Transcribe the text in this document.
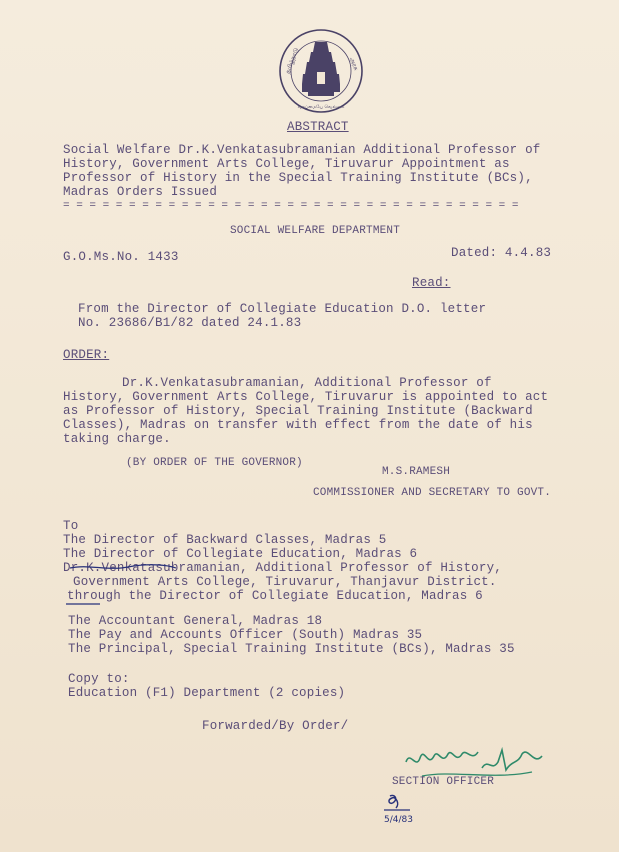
தமிழ்நாடு	அரசு
வாய்மையே வெல்லும்
ABSTRACT
Social Welfare Dr.K.Venkatasubramanian Additional Professor of
History, Government Arts College, Tiruvarur Appointment as
Professor of History in the Special Training Institute (BCs),
Madras Orders Issued
= = = = = = = = = = = = = = = = = = = = = = = = = = = = = = = = = = =
SOCIAL WELFARE DEPARTMENT
G.O.Ms.No. 1433	Dated: 4.4.83
Read:
From the Director of Collegiate Education D.O. letter
No. 23686/B1/82 dated 24.1.83
ORDER:
Dr.K.Venkatasubramanian, Additional Professor of
History, Government Arts College, Tiruvarur is appointed to act
as Professor of History, Special Training Institute (Backward
Classes), Madras on transfer with effect from the date of his
taking charge.
(BY ORDER OF THE GOVERNOR)
M.S.RAMESH
COMMISSIONER AND SECRETARY TO GOVT.
To
The Director of Backward Classes, Madras 5
The Director of Collegiate Education, Madras 6
Dr.K.Venkatasubramanian, Additional Professor of History,
Government Arts College, Tiruvarur, Thanjavur District.
through the Director of Collegiate Education, Madras 6
The Accountant General, Madras 18
The Pay and Accounts Officer (South) Madras 35
The Principal, Special Training Institute (BCs), Madras 35
Copy to:
Education (F1) Department (2 copies)
Forwarded/By Order/
SECTION OFFICER
5/4/83
